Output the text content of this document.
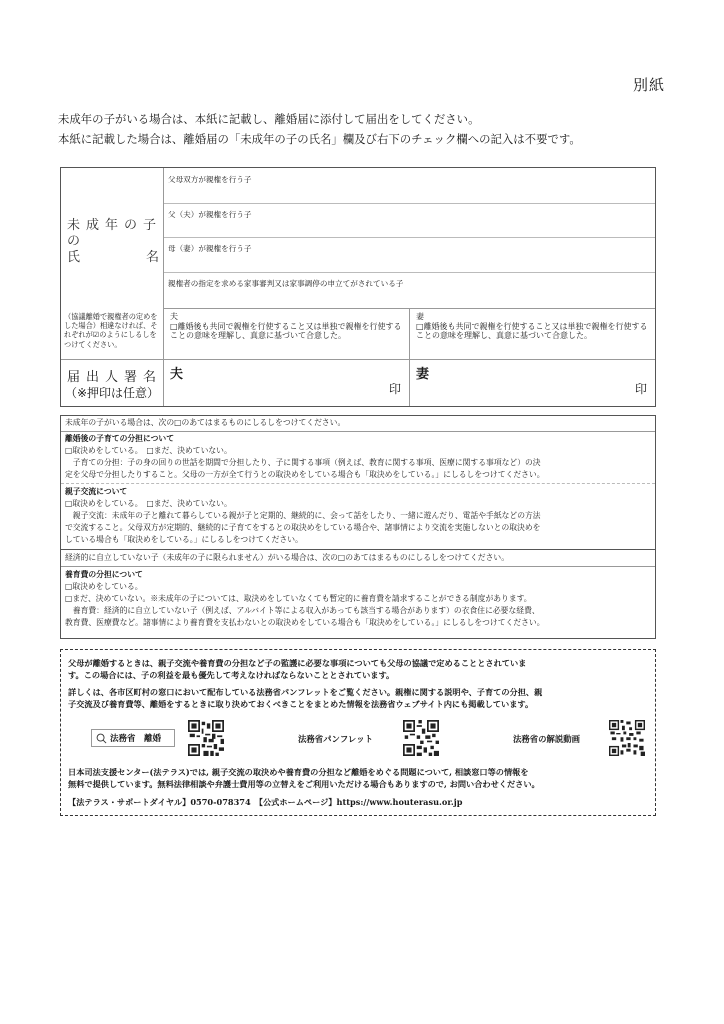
別紙
未成年の子がいる場合は、本紙に記載し、離婚届に添付して届出をしてください。
本紙に記載した場合は、離婚届の「未成年の子の氏名」欄及び右下のチェック欄への記入は不要です。
未成年の子の
氏	名
父母双方が親権を行う子
父（夫）が親権を行う子
母（妻）が親権を行う子
親権者の指定を求める家事審判又は家事調停の申立てがされている子
（協議離婚で親権者の定めをした場合）相違なければ、それぞれが☑のようにしるしをつけてください。
夫
□離婚後も共同で親権を行使すること又は単独で親権を行使することの意味を理解し、真意に基づいて合意した。
妻
□離婚後も共同で親権を行使すること又は単独で親権を行使することの意味を理解し、真意に基づいて合意した。
届出人署名
（※押印は任意）
夫
印
妻
印
未成年の子がいる場合は、次の□のあてはまるものにしるしをつけてください。
離婚後の子育ての分担について
□取決めをしている。　 □まだ、決めていない。
　子育ての分担：子の身の回りの世話を期間で分担したり、子に関する事項（例えば、教育に関する事項、医療に関する事項など）の決
定を父母で分担したりすること。父母の一方が全て行うとの取決めをしている場合も「取決めをしている。」にしるしをつけてください。
親子交流について
□取決めをしている。　 □まだ、決めていない。
　親子交流：未成年の子と離れて暮らしている親が子と定期的、継続的に、会って話をしたり、一緒に遊んだり、電話や手紙などの方法
で交流すること。父母双方が定期的、継続的に子育てをするとの取決めをしている場合や、諸事情により交流を実施しないとの取決めを
している場合も「取決めをしている。」にしるしをつけてください。
経済的に自立していない子（未成年の子に限られません）がいる場合は、次の□のあてはまるものにしるしをつけてください。
養育費の分担について
□取決めをしている。
□まだ、決めていない。※未成年の子については、取決めをしていなくても暫定的に養育費を請求することができる制度があります。
　養育費：経済的に自立していない子（例えば、アルバイト等による収入があっても該当する場合があります）の衣食住に必要な経費、
教育費、医療費など。諸事情により養育費を支払わないとの取決めをしている場合も「取決めをしている。」にしるしをつけてください。
父母が離婚するときは、親子交流や養育費の分担など子の監護に必要な事項についても父母の協議で定めることとされていま
す。この場合には、子の利益を最も優先して考えなければならないこととされています。
詳しくは、各市区町村の窓口において配布している法務省パンフレットをご覧ください。親権に関する説明や、子育ての分担、親
子交流及び養育費等、離婚をするときに取り決めておくべきことをまとめた情報を法務省ウェブサイト内にも掲載しています。
法務省　離婚	法務省パンフレット	法務省の解説動画
日本司法支援センター(法テラス)では, 親子交流の取決めや養育費の分担など離婚をめぐる問題について, 相談窓口等の情報を
無料で提供しています。無料法律相談や弁護士費用等の立替えをご利用いただける場合もありますので, お問い合わせください。
【法テラス・サポートダイヤル】0570-078374　【公式ホームページ】https://www.houterasu.or.jp
